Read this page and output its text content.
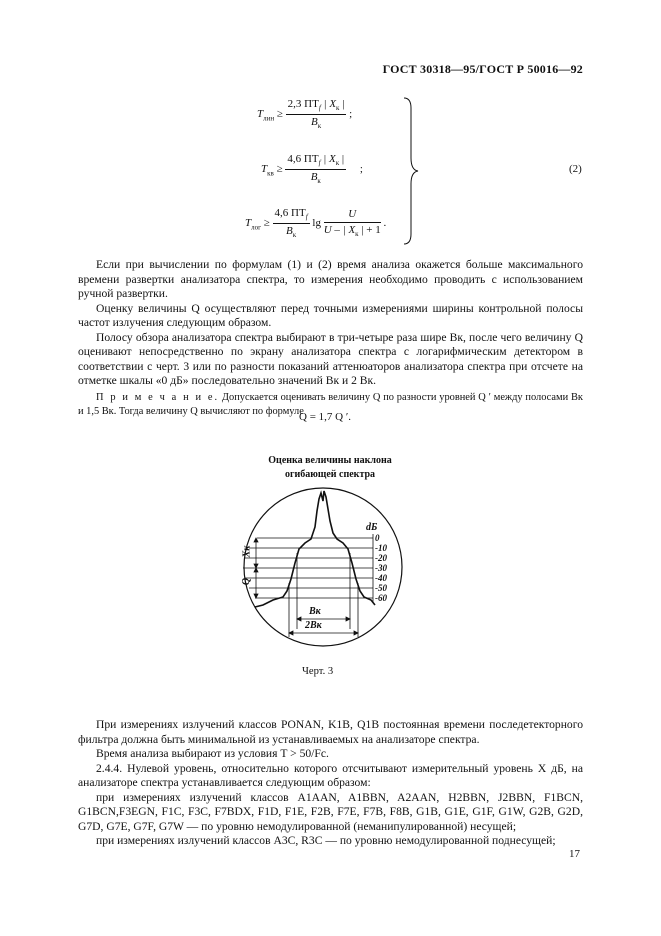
ГОСТ 30318—95/ГОСТ Р 50016—92
$T_{лин} \ge \frac{2,3 ПТ_f | X_к |}{B_к}$ ;
$T_{кв} \ge \frac{4,6 ПТ_f | X_к |}{B_к}$ ;
$T_{лог} \ge \frac{4,6 ПТ_f}{B_к}$ $\lg \frac{U}{U - | X_к | + 1}$ .
(2)

Если при вычислении по формулам (1) и (2) время анализа окажется больше максимального времени развертки анализатора спектра, то измерения необходимо проводить с использованием ручной развертки.

Оценку величины Q осуществляют перед точными измерениями ширины контрольной полосы частот излучения следующим образом.

Полосу обзора анализатора спектра выбирают в три-четыре раза шире Bк, после чего величину Q оценивают непосредственно по экрану анализатора спектра с логарифмическим детектором в соответствии с черт. 3 или по разности показаний аттенюаторов анализатора спектра при отсчете на отметке шкалы «0 дБ» последовательно значений Bк и 2 Bк.

П р и м е ч а н и е. Допускается оценивать величину Q по разности уровней Q ′ между полосами Bк и 1,5 Bк. Тогда величину Q вычисляют по формуле

Q = 1,7 Q ′.
Оценка величины наклона
огибающей спектра
dБ
0
-10
-20
-30
-40
-50
-60
Xк
Q
Bк
2Bк
Черт. 3

При измерениях излучений классов PONAN, K1B, Q1B постоянная времени последетекторного фильтра должна быть минимальной из устанавливаемых на анализаторе спектра.

Время анализа выбирают из условия T > 50/Fс.

2.4.4. Нулевой уровень, относительно которого отсчитывают измерительный уровень X дБ, на анализаторе спектра устанавливается следующим образом:

при измерениях излучений классов A1AAN, A1BBN, A2AAN, H2BBN, J2BBN, F1BCN, G1BCN,F3EGN, F1C, F3C, F7BDX, F1D, F1E, F2B, F7E, F7B, F8B, G1B, G1E, G1F, G1W, G2B, G2D, G7D, G7E, G7F, G7W — по уровню немодулированной (неманипулированной) несущей;

при измерениях излучений классов A3C, R3C — по уровню немодулированной поднесущей;

17
